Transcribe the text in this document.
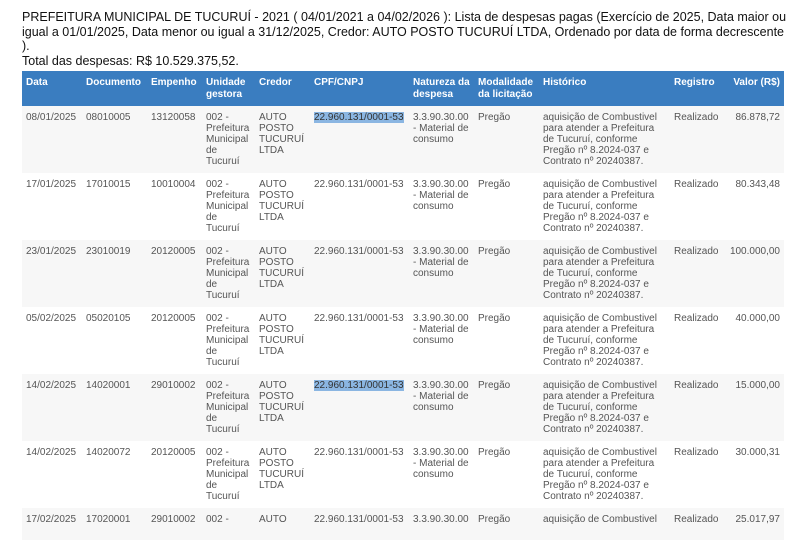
PREFEITURA MUNICIPAL DE TUCURUÍ - 2021 ( 04/01/2021 a 04/02/2026 ): Lista de despesas pagas (Exercício de 2025, Data maior ou
igual a 01/01/2025, Data menor ou igual a 31/12/2025, Credor: AUTO POSTO TUCURUÍ LTDA, Ordenado por data de forma decrescente ).
Total das despesas: R$ 10.529.375,52.
Data	Documento	Empenho	Unidade gestora	Credor	CPF/CNPJ	Natureza da despesa	Modalidade da licitação	Histórico	Registro	Valor (R$)
08/01/2025	08010005	13120058	002 - Prefeitura Municipal de Tucuruí	AUTO POSTO TUCURUÍ LTDA	22.960.131/0001-53	3.3.90.30.00 - Material de consumo	Pregão	aquisição de Combustivel para atender a Prefeitura de Tucuruí, conforme Pregão nº 8.2024-037 e Contrato nº 20240387.	Realizado	86.878,72
17/01/2025	17010015	10010004	002 - Prefeitura Municipal de Tucuruí	AUTO POSTO TUCURUÍ LTDA	22.960.131/0001-53	3.3.90.30.00 - Material de consumo	Pregão	aquisição de Combustivel para atender a Prefeitura de Tucuruí, conforme Pregão nº 8.2024-037 e Contrato nº 20240387.	Realizado	80.343,48
23/01/2025	23010019	20120005	002 - Prefeitura Municipal de Tucuruí	AUTO POSTO TUCURUÍ LTDA	22.960.131/0001-53	3.3.90.30.00 - Material de consumo	Pregão	aquisição de Combustivel para atender a Prefeitura de Tucuruí, conforme Pregão nº 8.2024-037 e Contrato nº 20240387.	Realizado	100.000,00
05/02/2025	05020105	20120005	002 - Prefeitura Municipal de Tucuruí	AUTO POSTO TUCURUÍ LTDA	22.960.131/0001-53	3.3.90.30.00 - Material de consumo	Pregão	aquisição de Combustivel para atender a Prefeitura de Tucuruí, conforme Pregão nº 8.2024-037 e Contrato nº 20240387.	Realizado	40.000,00
14/02/2025	14020001	29010002	002 - Prefeitura Municipal de Tucuruí	AUTO POSTO TUCURUÍ LTDA	22.960.131/0001-53	3.3.90.30.00 - Material de consumo	Pregão	aquisição de Combustivel para atender a Prefeitura de Tucuruí, conforme Pregão nº 8.2024-037 e Contrato nº 20240387.	Realizado	15.000,00
14/02/2025	14020072	20120005	002 - Prefeitura Municipal de Tucuruí	AUTO POSTO TUCURUÍ LTDA	22.960.131/0001-53	3.3.90.30.00 - Material de consumo	Pregão	aquisição de Combustivel para atender a Prefeitura de Tucuruí, conforme Pregão nº 8.2024-037 e Contrato nº 20240387.	Realizado	30.000,31
17/02/2025	17020001	29010002	002 -	AUTO	22.960.131/0001-53	3.3.90.30.00	Pregão	aquisição de Combustivel	Realizado	25.017,97
